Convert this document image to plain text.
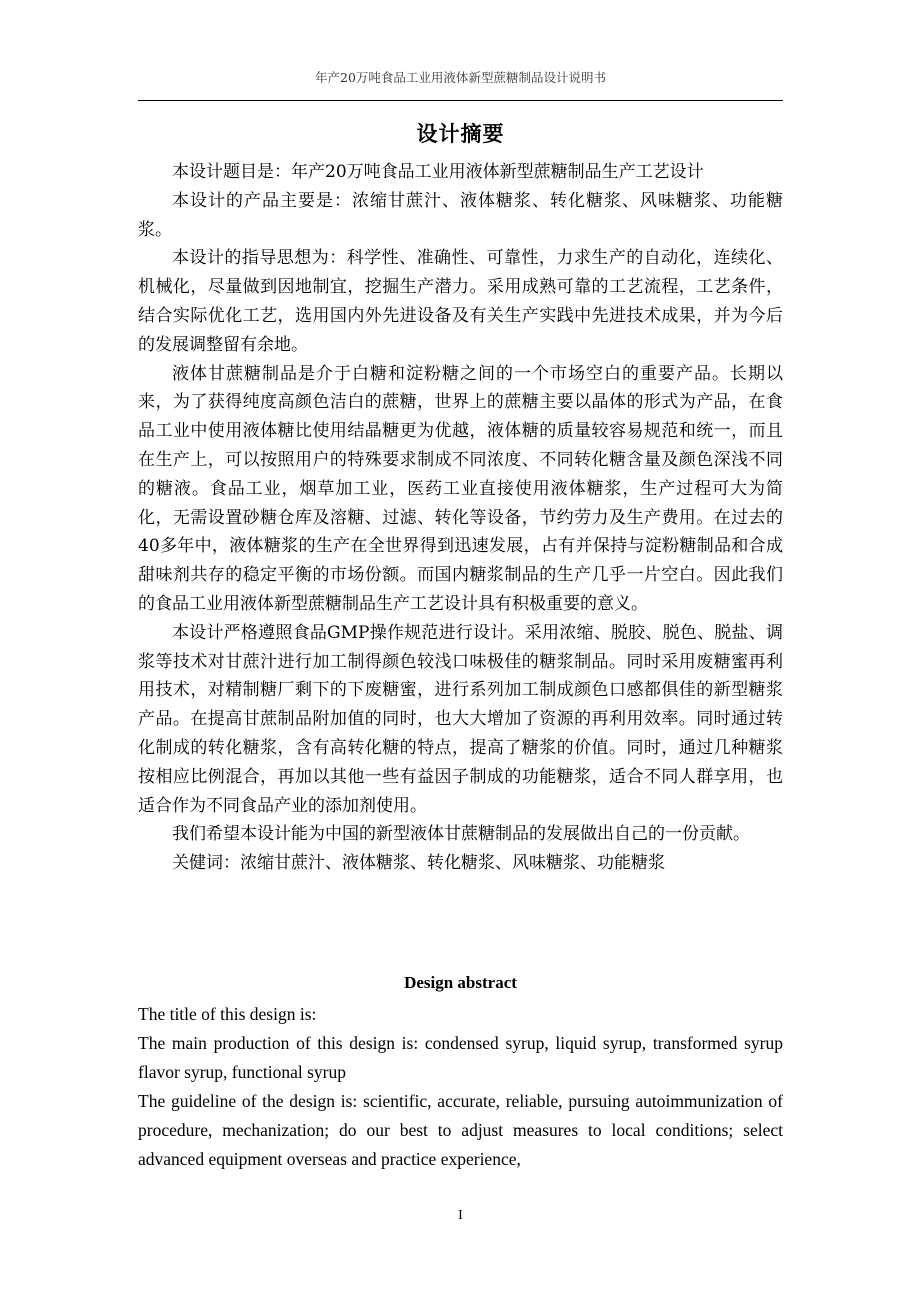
年产20万吨食品工业用液体新型蔗糖制品设计说明书
设计摘要

本设计题目是：年产20万吨食品工业用液体新型蔗糖制品生产工艺设计

本设计的产品主要是：浓缩甘蔗汁、液体糖浆、转化糖浆、风味糖浆、功能糖浆。

本设计的指导思想为：科学性、准确性、可靠性，力求生产的自动化，连续化、机械化，尽量做到因地制宜，挖掘生产潜力。采用成熟可靠的工艺流程，工艺条件，结合实际优化工艺，选用国内外先进设备及有关生产实践中先进技术成果，并为今后的发展调整留有余地。

液体甘蔗糖制品是介于白糖和淀粉糖之间的一个市场空白的重要产品。长期以来，为了获得纯度高颜色洁白的蔗糖，世界上的蔗糖主要以晶体的形式为产品，在食品工业中使用液体糖比使用结晶糖更为优越，液体糖的质量较容易规范和统一，而且在生产上，可以按照用户的特殊要求制成不同浓度、不同转化糖含量及颜色深浅不同的糖液。食品工业，烟草加工业，医药工业直接使用液体糖浆，生产过程可大为简化，无需设置砂糖仓库及溶糖、过滤、转化等设备，节约劳力及生产费用。在过去的40多年中，液体糖浆的生产在全世界得到迅速发展，占有并保持与淀粉糖制品和合成甜味剂共存的稳定平衡的市场份额。而国内糖浆制品的生产几乎一片空白。因此我们的食品工业用液体新型蔗糖制品生产工艺设计具有积极重要的意义。

本设计严格遵照食品GMP操作规范进行设计。采用浓缩、脱胶、脱色、脱盐、调浆等技术对甘蔗汁进行加工制得颜色较浅口味极佳的糖浆制品。同时采用废糖蜜再利用技术，对精制糖厂剩下的下废糖蜜，进行系列加工制成颜色口感都俱佳的新型糖浆产品。在提高甘蔗制品附加值的同时，也大大增加了资源的再利用效率。同时通过转化制成的转化糖浆，含有高转化糖的特点，提高了糖浆的价值。同时，通过几种糖浆按相应比例混合，再加以其他一些有益因子制成的功能糖浆，适合不同人群享用，也适合作为不同食品产业的添加剂使用。

我们希望本设计能为中国的新型液体甘蔗糖制品的发展做出自己的一份贡献。

关健词：浓缩甘蔗汁、液体糖浆、转化糖浆、风味糖浆、功能糖浆

Design abstract

The title of this design is:

The main production of this design is: condensed syrup, liquid syrup, transformed syrup flavor syrup, functional syrup

The guideline of the design is: scientific, accurate, reliable, pursuing autoimmunization of procedure, mechanization; do our best to adjust measures to local conditions; select advanced equipment overseas and practice experience,

I
